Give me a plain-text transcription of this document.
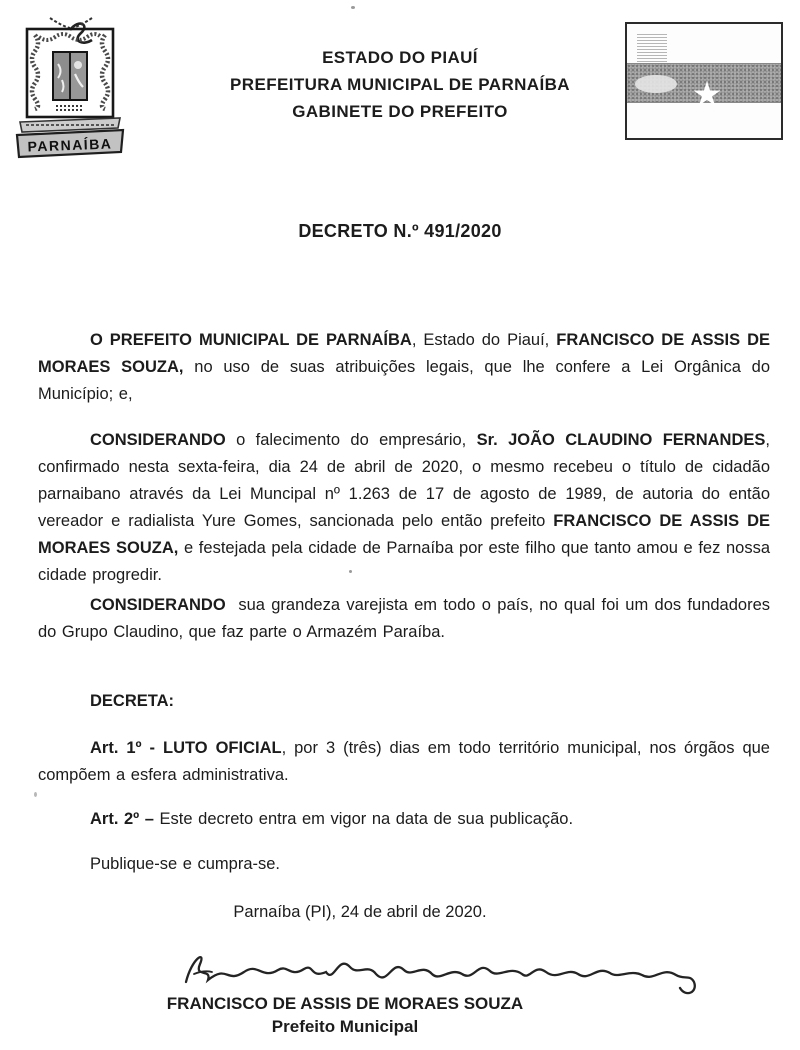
PARNAÍBA
ESTADO DO PIAUÍ
PREFEITURA MUNICIPAL DE PARNAÍBA
GABINETE DO PREFEITO
DECRETO N.º 491/2020

O PREFEITO MUNICIPAL DE PARNAÍBA, Estado do Piauí, FRANCISCO DE ASSIS DE MORAES SOUZA, no uso de suas atribuições legais, que lhe confere a Lei Orgânica do Município; e,

CONSIDERANDO o falecimento do empresário, Sr. JOÃO CLAUDINO FERNANDES, confirmado nesta sexta-feira, dia 24 de abril de 2020, o mesmo recebeu o título de cidadão parnaibano através da Lei Muncipal nº 1.263 de 17 de agosto de 1989, de autoria do então vereador e radialista Yure Gomes, sancionada pelo então prefeito FRANCISCO DE ASSIS DE MORAES SOUZA, e festejada pela cidade de Parnaíba por este filho que tanto amou e fez nossa cidade progredir.

CONSIDERANDO  sua grandeza varejista em todo o país, no qual foi um dos fundadores do Grupo Claudino, que faz parte o Armazém Paraíba.

DECRETA:

Art. 1º - LUTO OFICIAL, por 3 (três) dias em todo território municipal, nos órgãos que compõem a esfera administrativa.

Art. 2º – Este decreto entra em vigor na data de sua publicação.

Publique-se e cumpra-se.

Parnaíba (PI), 24 de abril de 2020.
FRANCISCO DE ASSIS DE MORAES SOUZA
Prefeito Municipal
